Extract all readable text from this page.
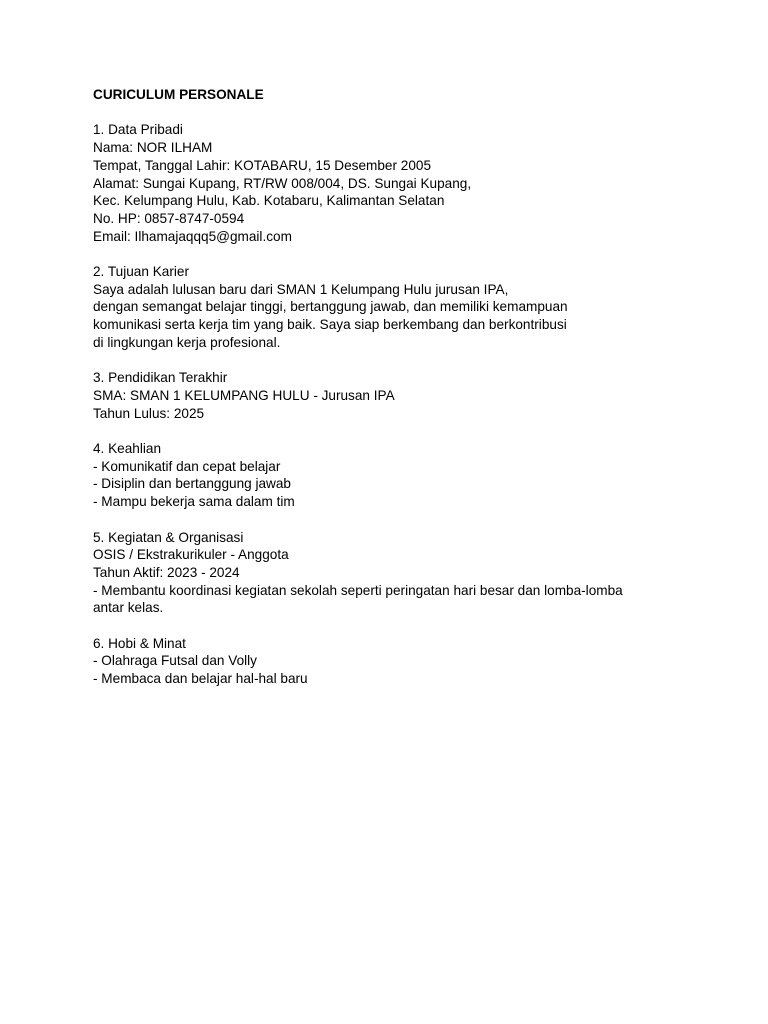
CURICULUM PERSONALE
1. Data Pribadi
Nama: NOR ILHAM
Tempat, Tanggal Lahir: KOTABARU, 15 Desember 2005
Alamat: Sungai Kupang, RT/RW 008/004, DS. Sungai Kupang,
Kec. Kelumpang Hulu, Kab. Kotabaru, Kalimantan Selatan
No. HP: 0857-8747-0594
Email: Ilhamajaqqq5@gmail.com
2. Tujuan Karier
Saya adalah lulusan baru dari SMAN 1 Kelumpang Hulu jurusan IPA,
dengan semangat belajar tinggi, bertanggung jawab, dan memiliki kemampuan
komunikasi serta kerja tim yang baik. Saya siap berkembang dan berkontribusi
di lingkungan kerja profesional.
3. Pendidikan Terakhir
SMA: SMAN 1 KELUMPANG HULU - Jurusan IPA
Tahun Lulus: 2025
4. Keahlian
- Komunikatif dan cepat belajar
- Disiplin dan bertanggung jawab
- Mampu bekerja sama dalam tim
5. Kegiatan & Organisasi
OSIS / Ekstrakurikuler - Anggota
Tahun Aktif: 2023 - 2024
- Membantu koordinasi kegiatan sekolah seperti peringatan hari besar dan lomba-lomba
antar kelas.
6. Hobi & Minat
- Olahraga Futsal dan Volly
- Membaca dan belajar hal-hal baru
